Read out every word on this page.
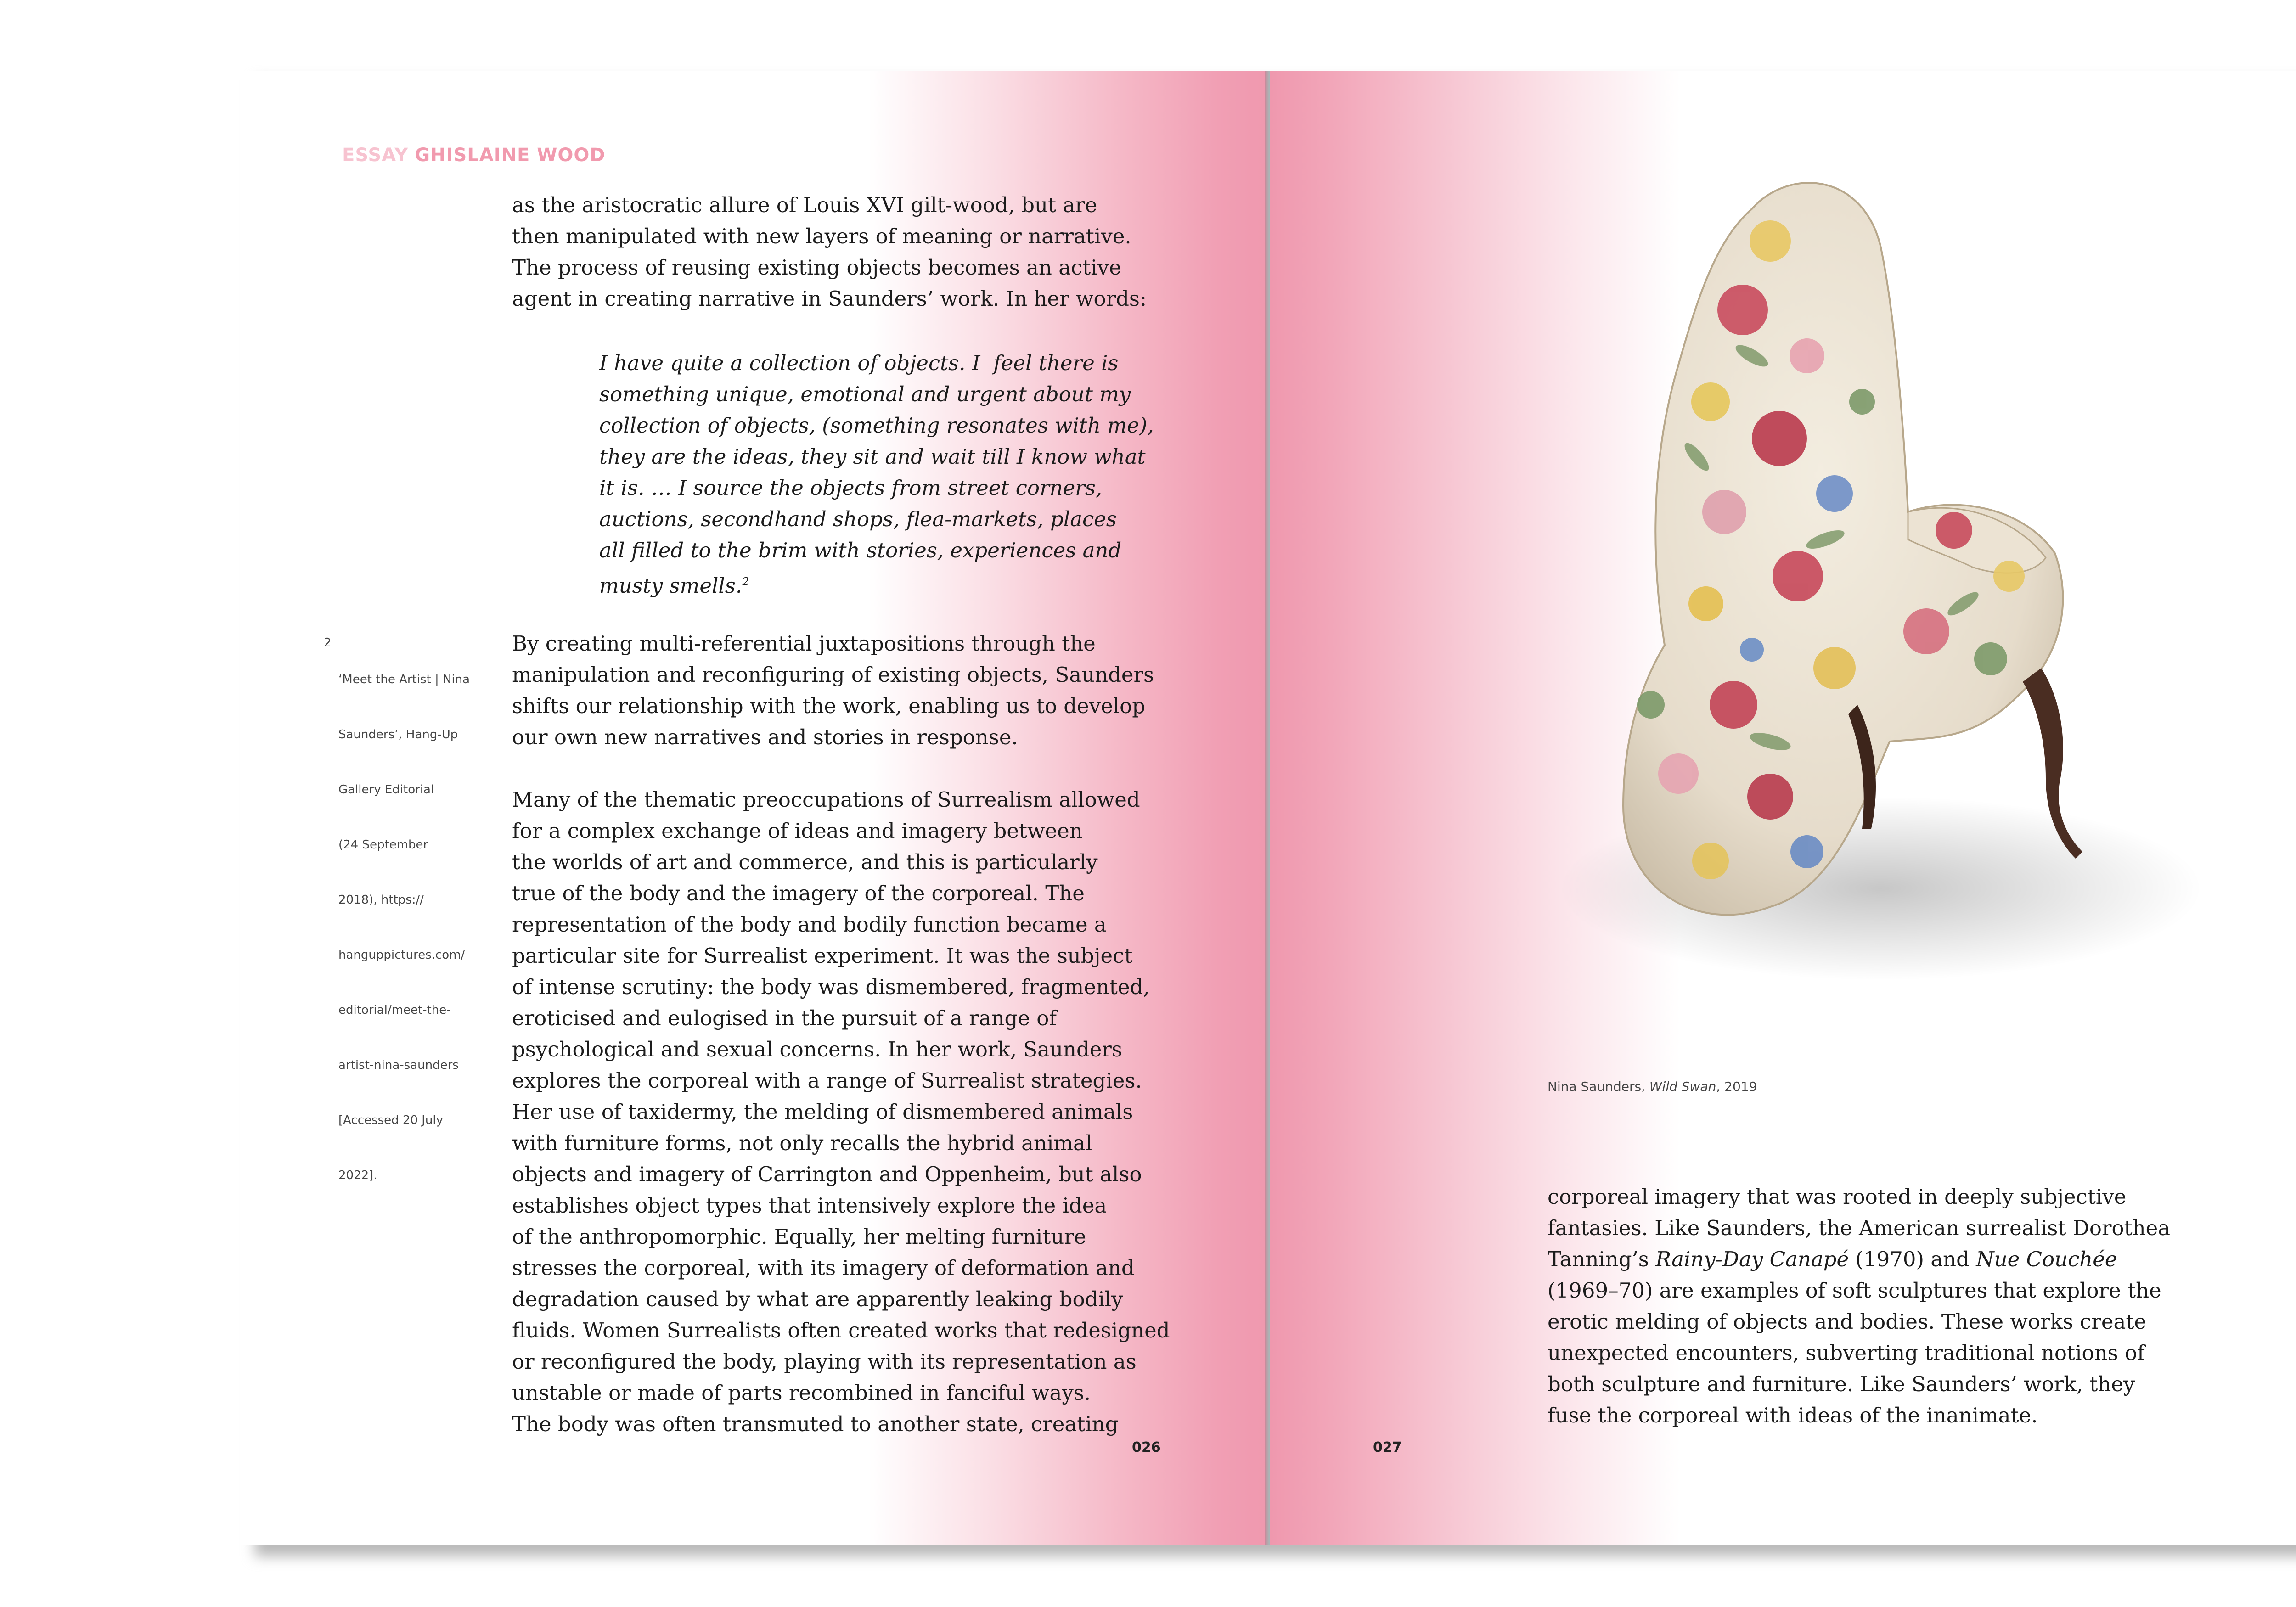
ESSAY GHISLAINE WOOD

as the aristocratic allure of Louis XVI gilt-wood, but are

then manipulated with new layers of meaning or narrative.

The process of reusing existing objects becomes an active

agent in creating narrative in Saunders’ work. In her words:

I have quite a collection of objects. I  feel there is

something unique, emotional and urgent about my

collection of objects, (something resonates with me),

they are the ideas, they sit and wait till I know what

it is. … I source the objects from street corners,

auctions, secondhand shops, flea-markets, places

all filled to the brim with stories, experiences and

musty smells.$^2$

2

‘Meet the Artist | Nina

Saunders’, Hang-Up

Gallery Editorial

(24 September

2018), https://

hanguppictures.com/

editorial/meet-the-

artist-nina-saunders

[Accessed 20 July

2022].

By creating multi-referential juxtapositions through the

manipulation and reconfiguring of existing objects, Saunders

shifts our relationship with the work, enabling us to develop

our own new narratives and stories in response.

Many of the thematic preoccupations of Surrealism allowed

for a complex exchange of ideas and imagery between

the worlds of art and commerce, and this is particularly

true of the body and the imagery of the corporeal. The

representation of the body and bodily function became a

particular site for Surrealist experiment. It was the subject

of intense scrutiny: the body was dismembered, fragmented,

eroticised and eulogised in the pursuit of a range of

psychological and sexual concerns. In her work, Saunders

explores the corporeal with a range of Surrealist strategies.

Her use of taxidermy, the melding of dismembered animals

with furniture forms, not only recalls the hybrid animal

objects and imagery of Carrington and Oppenheim, but also

establishes object types that intensively explore the idea

of the anthropomorphic. Equally, her melting furniture

stresses the corporeal, with its imagery of deformation and

degradation caused by what are apparently leaking bodily

fluids. Women Surrealists often created works that redesigned

or reconfigured the body, playing with its representation as

unstable or made of parts recombined in fanciful ways.

The body was often transmuted to another state, creating

026
Nina Saunders, Wild Swan, 2019

corporeal imagery that was rooted in deeply subjective

fantasies. Like Saunders, the American surrealist Dorothea

Tanning’s Rainy-Day Canapé (1970) and Nue Couchée

(1969–70) are examples of soft sculptures that explore the

erotic melding of objects and bodies. These works create

unexpected encounters, subverting traditional notions of

both sculpture and furniture. Like Saunders’ work, they

fuse the corporeal with ideas of the inanimate.

027
